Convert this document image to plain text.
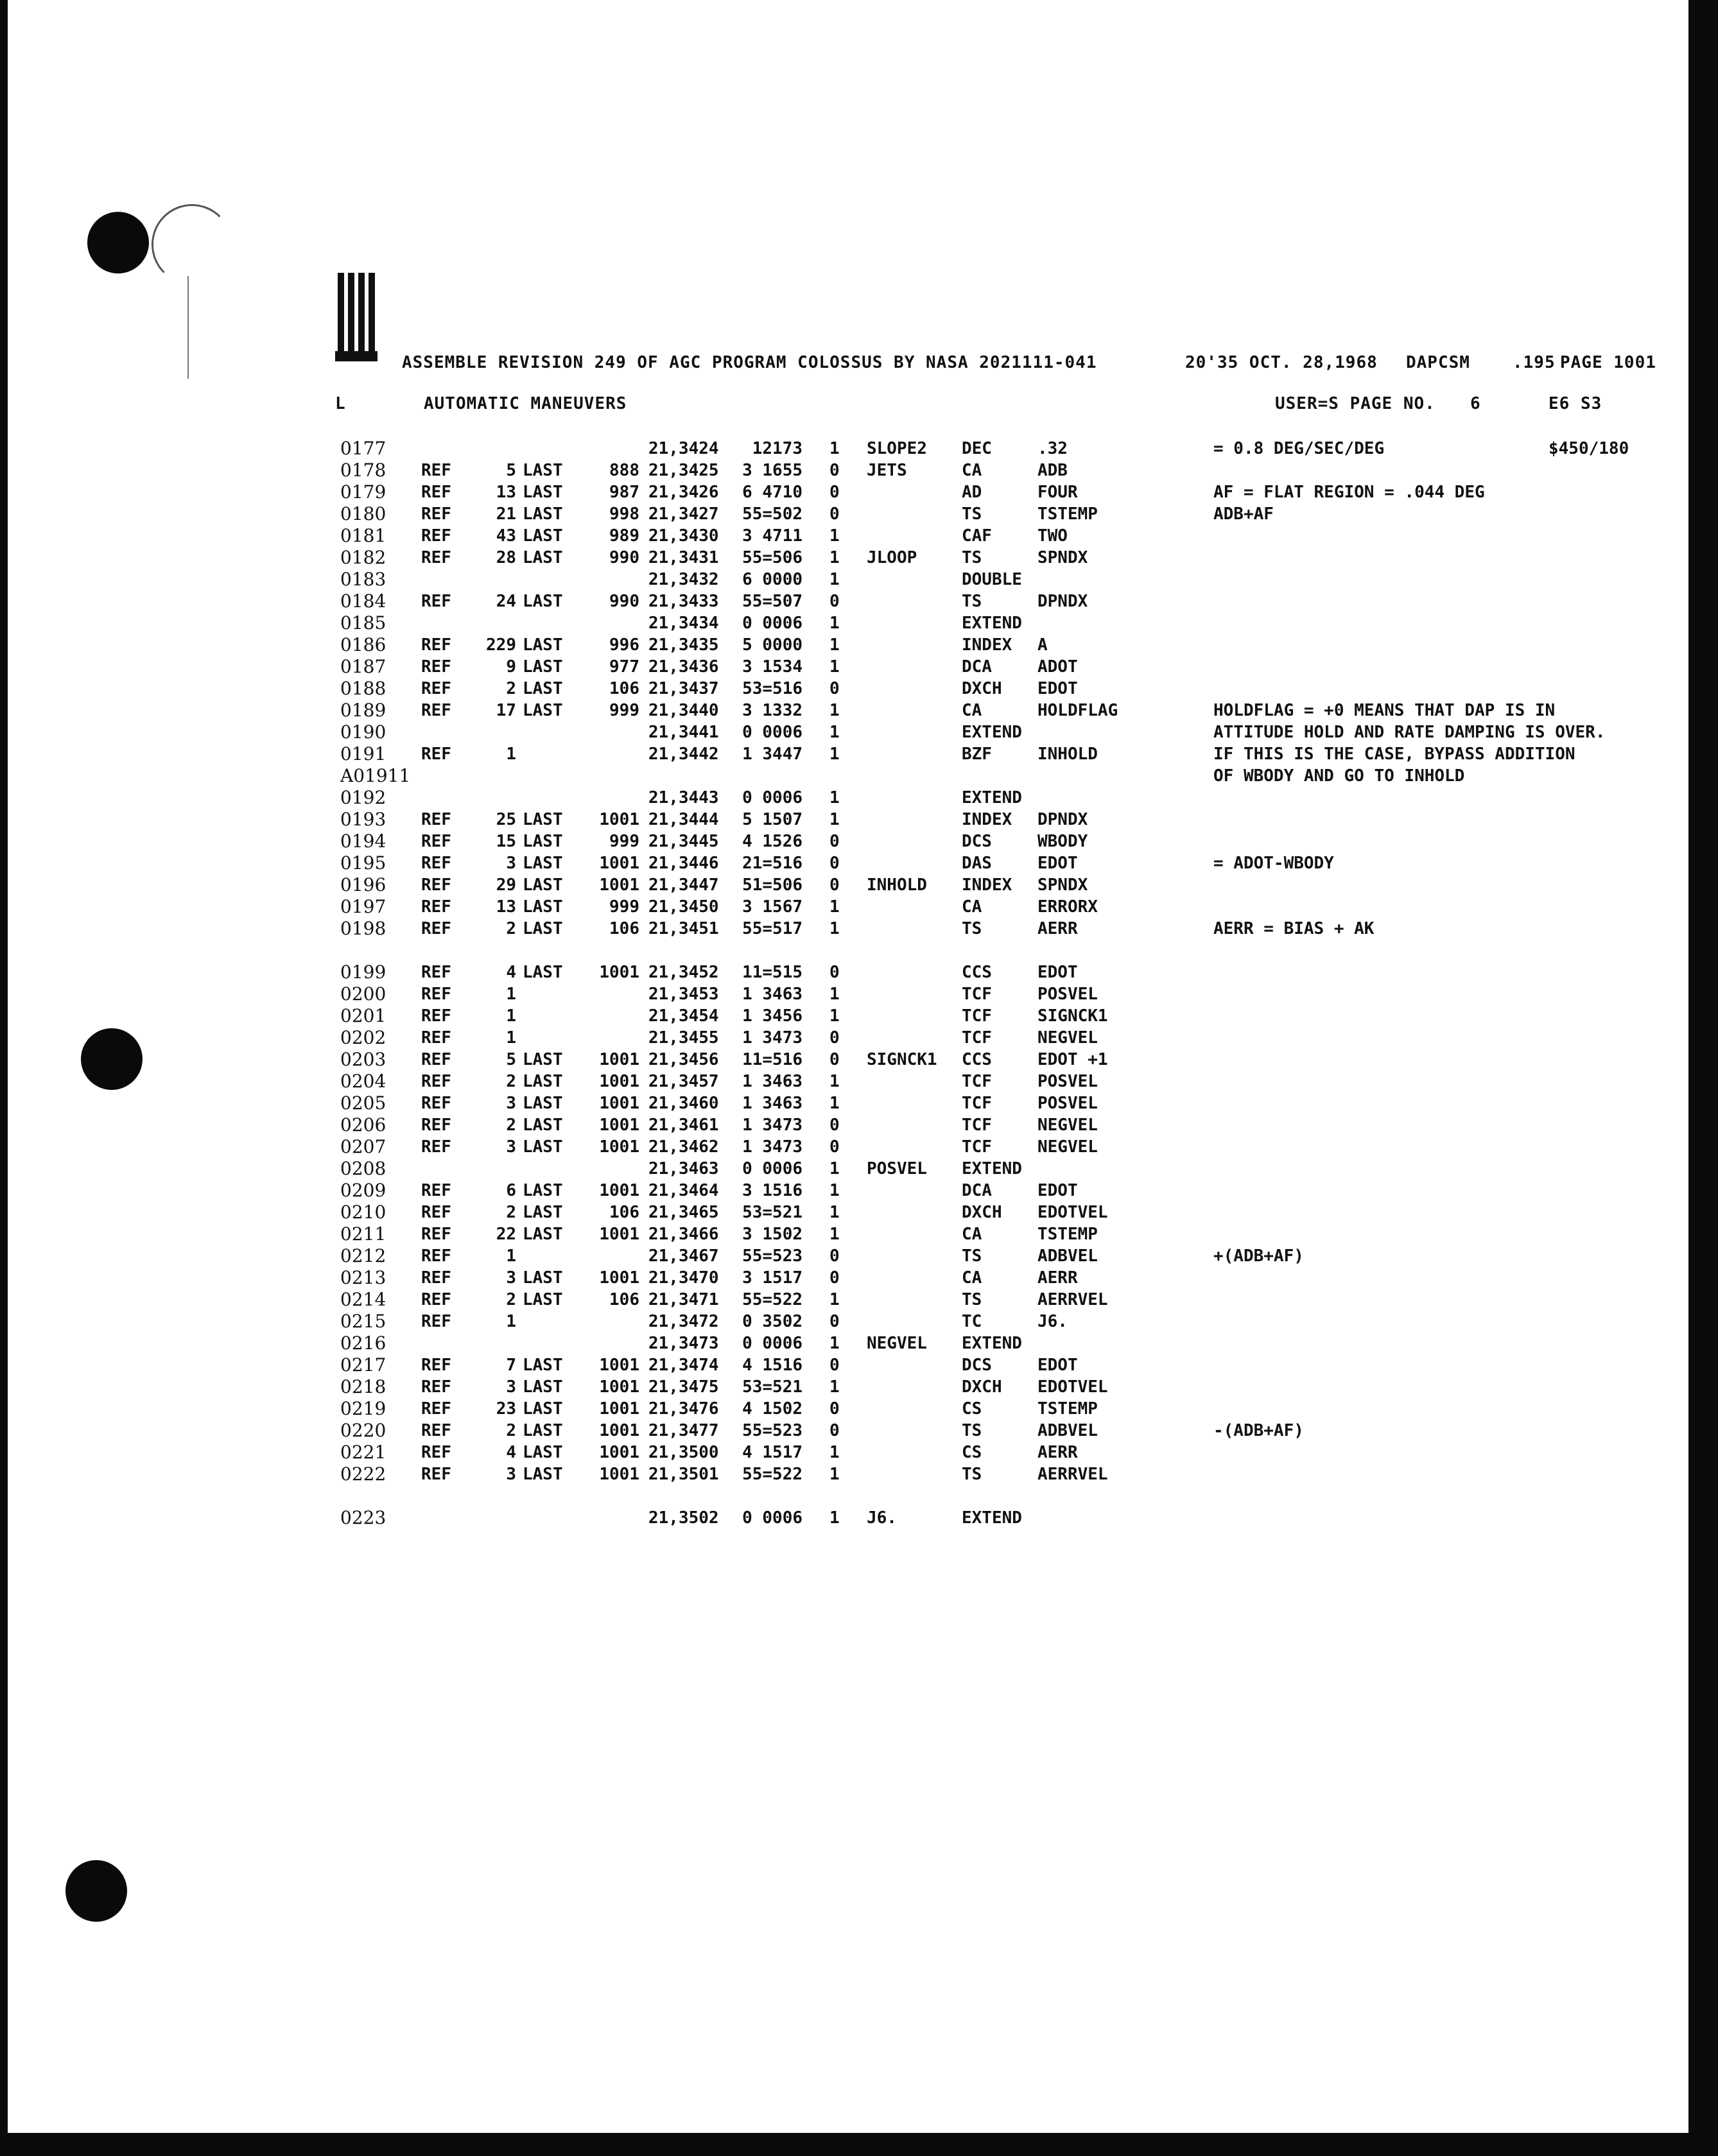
ASSEMBLE REVISION 249 OF AGC PROGRAM COLOSSUS BY NASA 2021111-041	20'35 OCT. 28,1968 DAPCSM	.195 PAGE 1001
L	AUTOMATIC MANEUVERS	USER=S PAGE NO. 6	E6 S3
0177	21,3424	12173 1 SLOPE2 DEC	.32	= 0.8 DEG/SEC/DEG	$450/180
0178 REF	5 LAST	888 21,3425	3 1655 0 JETS	CA	ADB
0179 REF	13 LAST	987 21,3426	6 4710 0	AD	FOUR	AF = FLAT REGION = .044 DEG
0180 REF	21 LAST	998 21,3427	55=502 0	TS	TSTEMP	ADB+AF
0181 REF	43 LAST	989 21,3430	3 4711 1	CAF	TWO
0182 REF	28 LAST	990 21,3431	55=506 1 JLOOP	TS	SPNDX
0183	21,3432	6 0000 1	DOUBLE
0184 REF	24 LAST	990 21,3433	55=507 0	TS	DPNDX
0185	21,3434	0 0006 1	EXTEND
0186 REF	229 LAST	996 21,3435	5 0000 1	INDEX A
0187 REF	9 LAST	977 21,3436	3 1534 1	DCA	ADOT
0188 REF	2 LAST	106 21,3437	53=516 0	DXCH EDOT
0189 REF	17 LAST	999 21,3440	3 1332 1	CA	HOLDFLAG	HOLDFLAG = +0 MEANS THAT DAP IS IN
0190	21,3441	0 0006 1	EXTEND	ATTITUDE HOLD AND RATE DAMPING IS OVER.
0191 REF	1	21,3442	1 3447 1	BZF	INHOLD	IF THIS IS THE CASE, BYPASS ADDITION
A01911	OF WBODY AND GO TO INHOLD
0192	21,3443	0 0006 1	EXTEND
0193 REF	25 LAST	1001 21,3444	5 1507 1	INDEX DPNDX
0194 REF	15 LAST	999 21,3445	4 1526 0	DCS	WBODY
0195 REF	3 LAST	1001 21,3446	21=516 0	DAS	EDOT	= ADOT-WBODY
0196 REF	29 LAST	1001 21,3447	51=506 0 INHOLD INDEX SPNDX
0197 REF	13 LAST	999 21,3450	3 1567 1	CA	ERRORX
0198 REF	2 LAST	106 21,3451	55=517 1	TS	AERR	AERR = BIAS + AK
0199 REF	4 LAST	1001 21,3452	11=515 0	CCS	EDOT
0200 REF	1	21,3453	1 3463 1	TCF	POSVEL
0201 REF	1	21,3454	1 3456 1	TCF	SIGNCK1
0202 REF	1	21,3455	1 3473 0	TCF	NEGVEL
0203 REF	5 LAST	1001 21,3456	11=516 0 SIGNCK1 CCS	EDOT +1
0204 REF	2 LAST	1001 21,3457	1 3463 1	TCF	POSVEL
0205 REF	3 LAST	1001 21,3460	1 3463 1	TCF	POSVEL
0206 REF	2 LAST	1001 21,3461	1 3473 0	TCF	NEGVEL
0207 REF	3 LAST	1001 21,3462	1 3473 0	TCF	NEGVEL
0208	21,3463	0 0006 1 POSVEL EXTEND
0209 REF	6 LAST	1001 21,3464	3 1516 1	DCA	EDOT
0210 REF	2 LAST	106 21,3465	53=521 1	DXCH EDOTVEL
0211 REF	22 LAST	1001 21,3466	3 1502 1	CA	TSTEMP
0212 REF	1	21,3467	55=523 0	TS	ADBVEL	+(ADB+AF)
0213 REF	3 LAST	1001 21,3470	3 1517 0	CA	AERR
0214 REF	2 LAST	106 21,3471	55=522 1	TS	AERRVEL
0215 REF	1	21,3472	0 3502 0	TC	J6.
0216	21,3473	0 0006 1 NEGVEL EXTEND
0217 REF	7 LAST	1001 21,3474	4 1516 0	DCS	EDOT
0218 REF	3 LAST	1001 21,3475	53=521 1	DXCH EDOTVEL
0219 REF	23 LAST	1001 21,3476	4 1502 0	CS	TSTEMP
0220 REF	2 LAST	1001 21,3477	55=523 0	TS	ADBVEL	-(ADB+AF)
0221 REF	4 LAST	1001 21,3500	4 1517 1	CS	AERR
0222 REF	3 LAST	1001 21,3501	55=522 1	TS	AERRVEL
0223	21,3502	0 0006 1 J6.	EXTEND
